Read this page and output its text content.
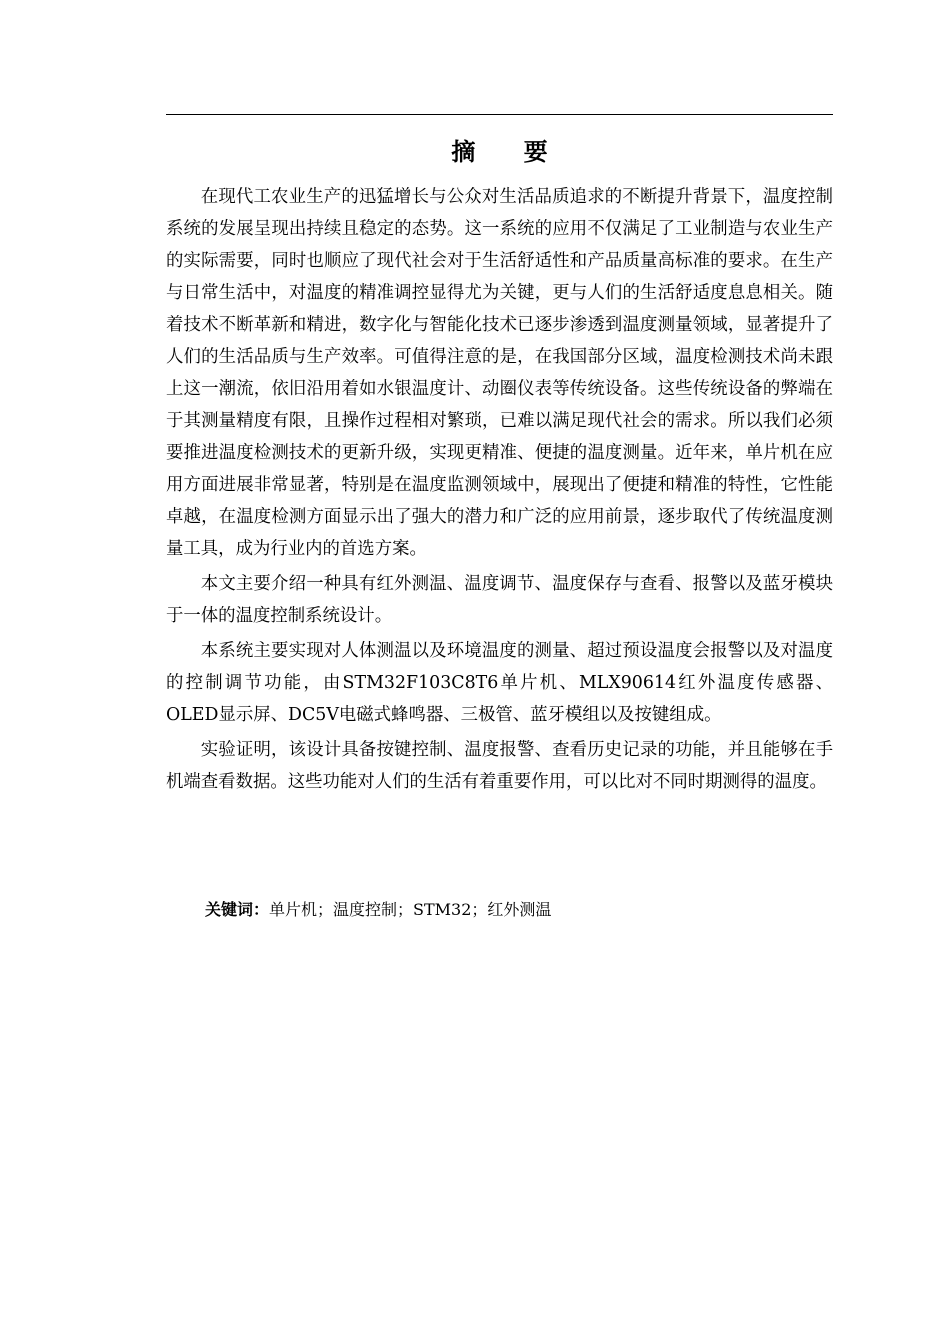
摘 要

在现代工农业生产的迅猛增长与公众对生活品质追求的不断提升背景下，温度控制系统的发展呈现出持续且稳定的态势。这一系统的应用不仅满足了工业制造与农业生产的实际需要，同时也顺应了现代社会对于生活舒适性和产品质量高标准的要求。在生产与日常生活中，对温度的精准调控显得尤为关键，更与人们的生活舒适度息息相关。随着技术不断革新和精进，数字化与智能化技术已逐步渗透到温度测量领域，显著提升了人们的生活品质与生产效率。可值得注意的是，在我国部分区域，温度检测技术尚未跟上这一潮流，依旧沿用着如水银温度计、动圈仪表等传统设备。这些传统设备的弊端在于其测量精度有限，且操作过程相对繁琐，已难以满足现代社会的需求。所以我们必须要推进温度检测技术的更新升级，实现更精准、便捷的温度测量。近年来，单片机在应用方面进展非常显著，特别是在温度监测领域中，展现出了便捷和精准的特性，它性能卓越，在温度检测方面显示出了强大的潜力和广泛的应用前景，逐步取代了传统温度测量工具，成为行业内的首选方案。

本文主要介绍一种具有红外测温、温度调节、温度保存与查看、报警以及蓝牙模块于一体的温度控制系统设计。

本系统主要实现对人体测温以及环境温度的测量、超过预设温度会报警以及对温度的控制调节功能，由STM32F103C8T6单片机、MLX90614红外温度传感器、OLED显示屏、DC5V电磁式蜂鸣器、三极管、蓝牙模组以及按键组成。

实验证明，该设计具备按键控制、温度报警、查看历史记录的功能，并且能够在手机端查看数据。这些功能对人们的生活有着重要作用，可以比对不同时期测得的温度。

关键词：单片机；温度控制；STM32；红外测温
